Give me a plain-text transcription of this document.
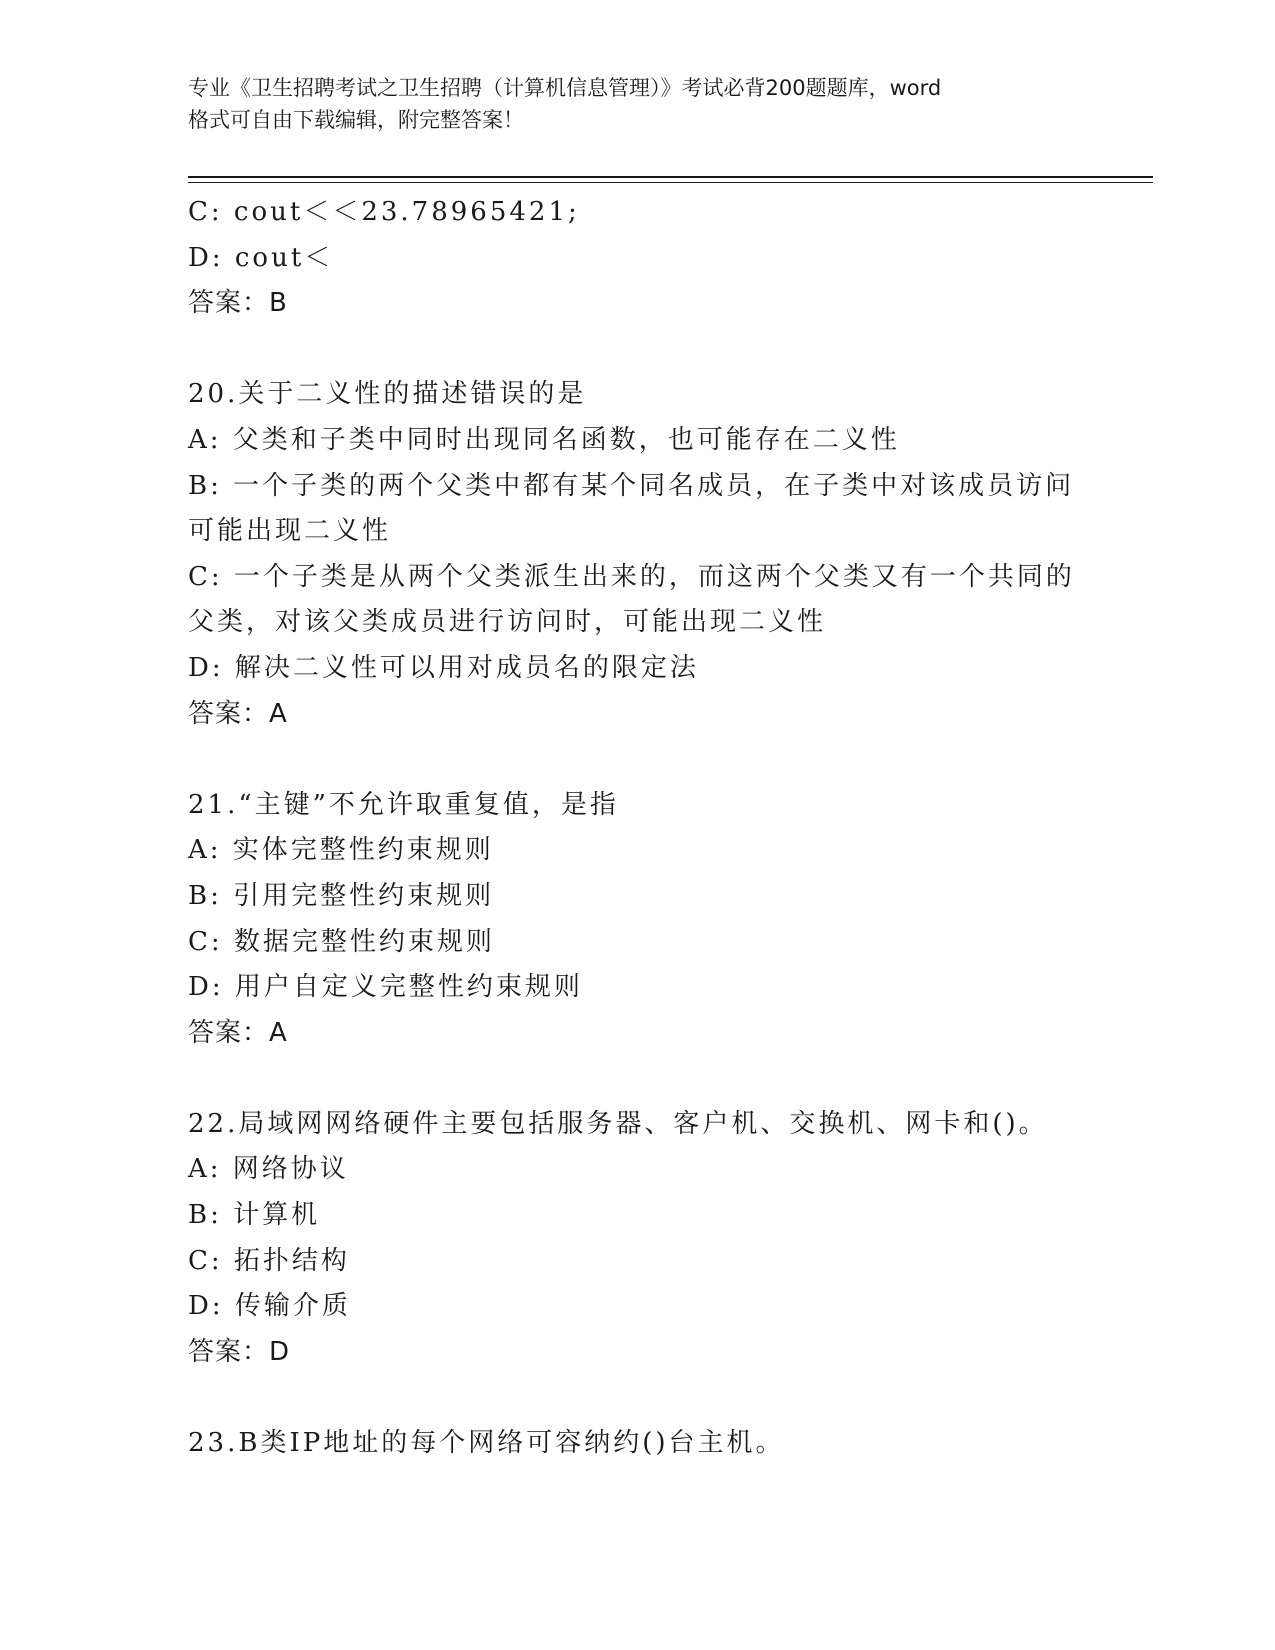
专业《卫生招聘考试之卫生招聘（计算机信息管理）》考试必背200题题库，word
格式可自由下载编辑，附完整答案！
C: cout＜＜23.78965421;
D: cout＜
答案：B
20.关于二义性的描述错误的是
A: 父类和子类中同时出现同名函数，也可能存在二义性
B: 一个子类的两个父类中都有某个同名成员，在子类中对该成员访问
可能出现二义性
C: 一个子类是从两个父类派生出来的，而这两个父类又有一个共同的
父类，对该父类成员进行访问时，可能出现二义性
D: 解决二义性可以用对成员名的限定法
答案：A
21.“主键”不允许取重复值，是指
A: 实体完整性约束规则
B: 引用完整性约束规则
C: 数据完整性约束规则
D: 用户自定义完整性约束规则
答案：A
22.局域网网络硬件主要包括服务器、客户机、交换机、网卡和()。
A: 网络协议
B: 计算机
C: 拓扑结构
D: 传输介质
答案：D
23.B类IP地址的每个网络可容纳约()台主机。
